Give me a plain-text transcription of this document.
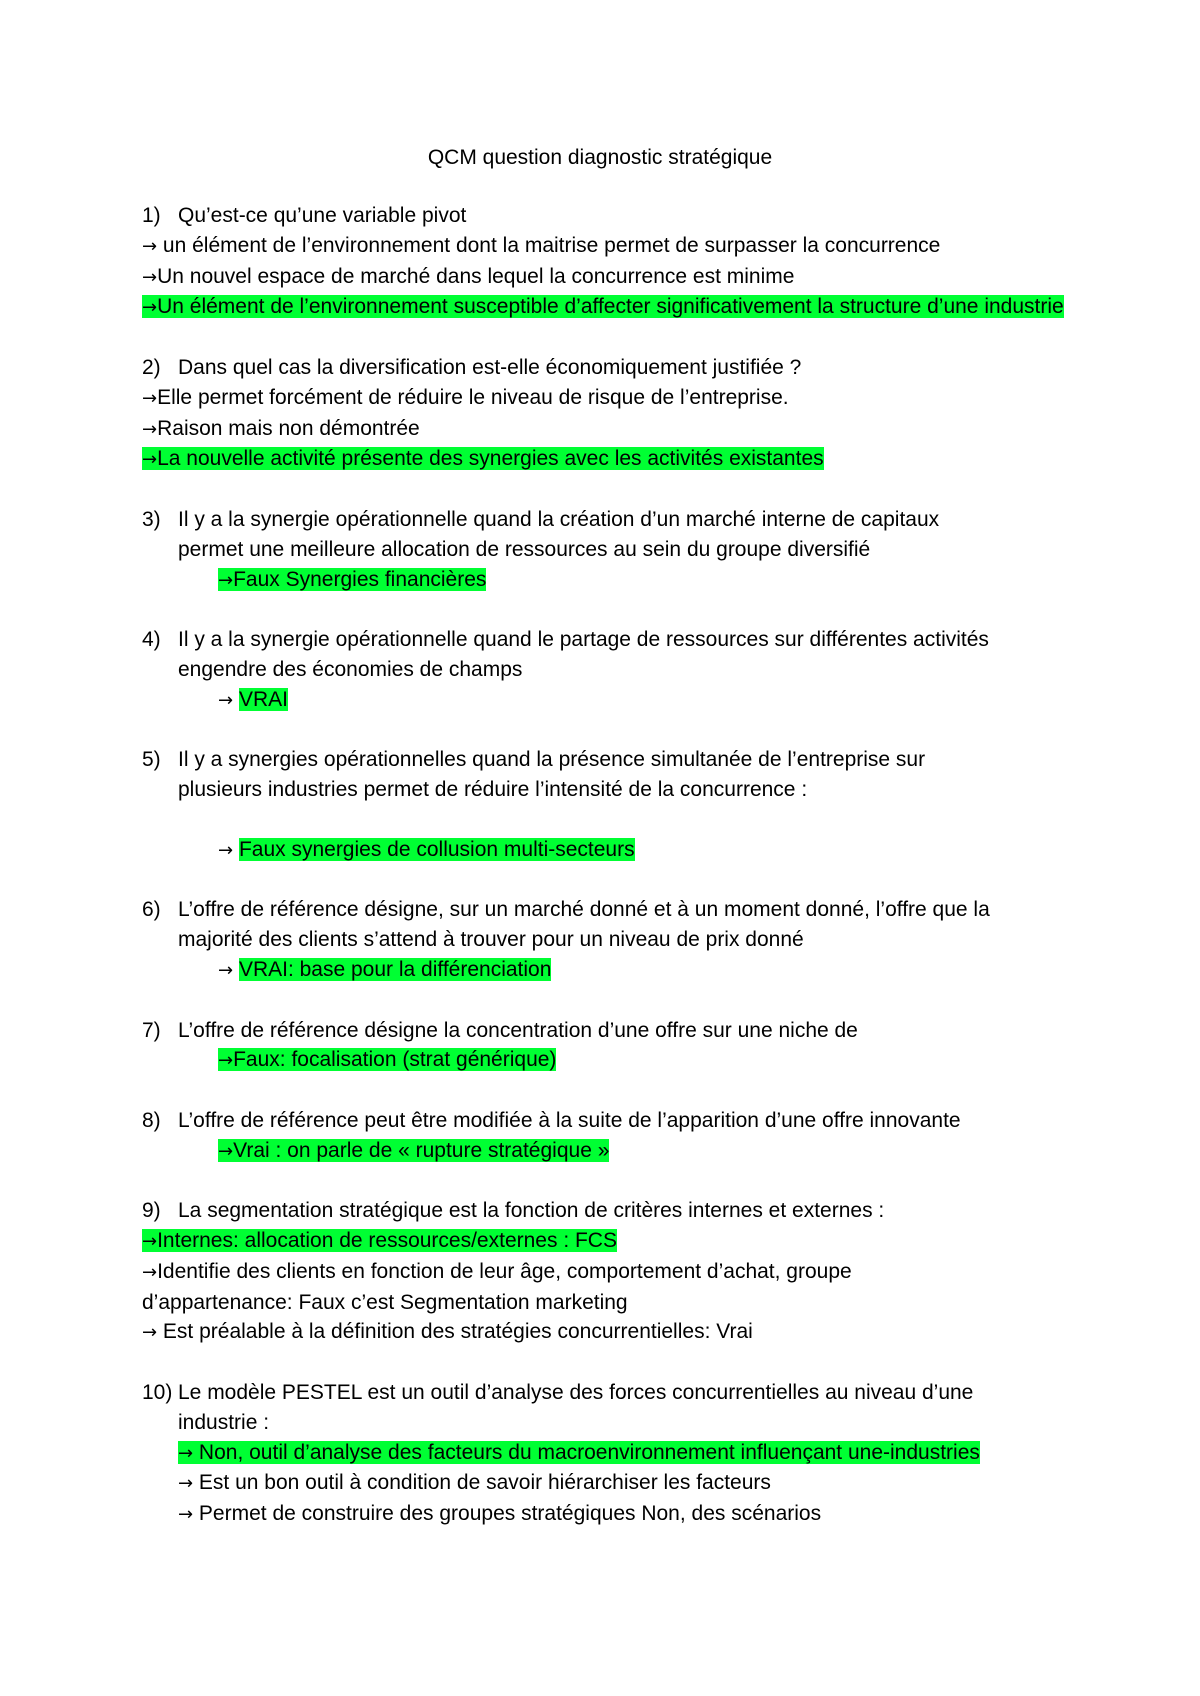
QCM question diagnostic stratégique
1) Qu’est-ce qu’une variable pivot
→ un élément de l’environnement dont la maitrise permet de surpasser la concurrence
→Un nouvel espace de marché dans lequel la concurrence est minime
→Un élément de l’environnement susceptible d’affecter significativement la structure d’une industrie
2) Dans quel cas la diversification est-elle économiquement justifiée ?
→Elle permet forcément de réduire le niveau de risque de l’entreprise.
→Raison mais non démontrée
→La nouvelle activité présente des synergies avec les activités existantes
3) Il y a la synergie opérationnelle quand la création d’un marché interne de capitaux
permet une meilleure allocation de ressources au sein du groupe diversifié
→Faux Synergies financières
4) Il y a la synergie opérationnelle quand le partage de ressources sur différentes activités
engendre des économies de champs
→ VRAI
5) Il y a synergies opérationnelles quand la présence simultanée de l’entreprise sur
plusieurs industries permet de réduire l’intensité de la concurrence :
→ Faux synergies de collusion multi-secteurs
6) L’offre de référence désigne, sur un marché donné et à un moment donné, l’offre que la
majorité des clients s’attend à trouver pour un niveau de prix donné
→ VRAI: base pour la différenciation
7) L’offre de référence désigne la concentration d’une offre sur une niche de
→Faux: focalisation (strat générique)
8) L’offre de référence peut être modifiée à la suite de l’apparition d’une offre innovante
→Vrai : on parle de « rupture stratégique »
9) La segmentation stratégique est la fonction de critères internes et externes :
→Internes: allocation de ressources/externes : FCS
→Identifie des clients en fonction de leur âge, comportement d’achat, groupe d’appartenance: Faux c’est Segmentation marketing
→ Est préalable à la définition des stratégies concurrentielles: Vrai
10) Le modèle PESTEL est un outil d’analyse des forces concurrentielles au niveau d’une
industrie :
→ Non, outil d’analyse des facteurs du macroenvironnement influençant une-industries
→ Est un bon outil à condition de savoir hiérarchiser les facteurs
→ Permet de construire des groupes stratégiques Non, des scénarios
